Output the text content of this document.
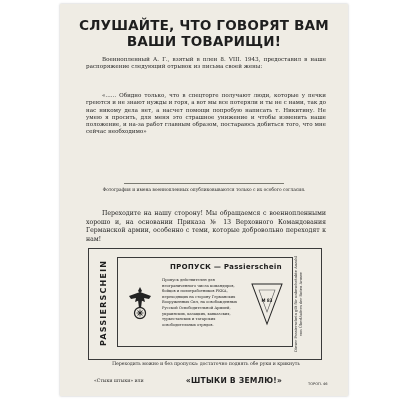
СЛУШАЙТЕ, ЧТО ГОВОРЯТ ВАМ
ВАШИ ТОВАРИЩИ!
Военнопленный А. Г., взятый в плен 8. VIII. 1943, предоставил в наше распоряжение следующий отрывок из письма своей жены:
«...... Обидно только, что в спецторге получают люди, которые у печки греются и не знают нужды и горя, а вот мы все потеряли и ты не с нами, так до нас никому дела нет, а насчет помощи попробую написать т. Никитину. Не умею я просить, для меня это страшное унижение и чтобы изменить наше положение, и на-за работ главным образом, постараюсь добиться того, что мне сейчас необходимо»
Фотография и имена военнопленных опубликовываются только с их особого согласия.
Переходите на нашу сторону! Мы обращаемся с военнопленными хорошо и, на основании Приказа № 13 Верховного Командования Германской армии, особенно с теми, которые добровольно переходят к нам!
PASSIERSCHEIN	ПРОПУСК — Passierschein
Пропуск действителен для неограниченного числа командиров, бойцов и политработников РККА, переходящих на сторону Германских Вооруженных Сил, на освобожденных Русской Освободительной Армией, украинских, казацких, кавказских, туркестанских и татарских освободительных отрядов.
M 83	Dieser Passierschein gilt für unbeschränkte Anzahl von Überläufern der Roten Armee
Переходить можно и без пропуска: достаточно поднять обе руки и крикнуть
«Стыки штыки» или	«ШТЫКИ В ЗЕМЛЮ!»	ТОРОП. 46
